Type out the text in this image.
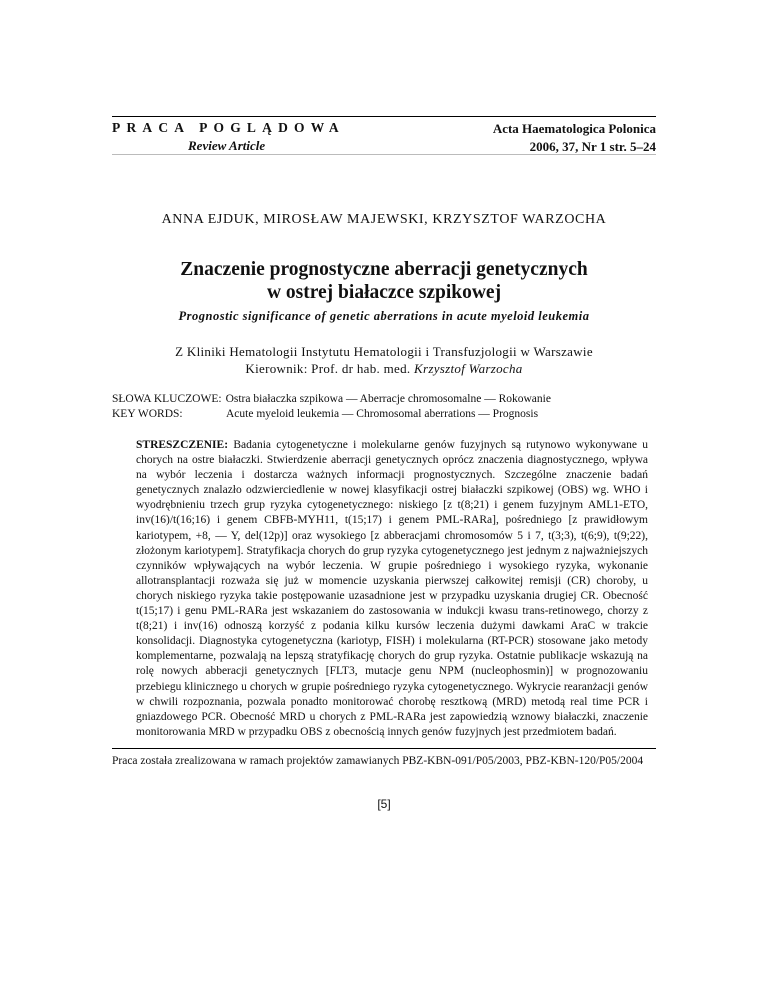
PRACA POGLĄDOWA
Review Article
Acta Haematologica Polonica
2006, 37, Nr 1 str. 5–24
ANNA EJDUK, MIROSŁAW MAJEWSKI, KRZYSZTOF WARZOCHA
Znaczenie prognostyczne aberracji genetycznych
w ostrej białaczce szpikowej
Prognostic significance of genetic aberrations in acute myeloid leukemia
Z Kliniki Hematologii Instytutu Hematologii i Transfuzjologii w Warszawie
Kierownik: Prof. dr hab. med. Krzysztof Warzocha
SŁOWA KLUCZOWE: Ostra białaczka szpikowa — Aberracje chromosomalne — Rokowanie
KEY WORDS:	Acute myeloid leukemia — Chromosomal aberrations — Prognosis
STRESZCZENIE: Badania cytogenetyczne i molekularne genów fuzyjnych są rutynowo wykonywane u chorych na ostre białaczki. Stwierdzenie aberracji genetycznych oprócz znaczenia diagnostycznego, wpływa na wybór leczenia i dostarcza ważnych informacji prognostycznych. Szczególne znaczenie badań genetycznych znalazło odzwierciedlenie w nowej klasyfikacji ostrej białaczki szpikowej (OBS) wg. WHO i wyodrębnieniu trzech grup ryzyka cytogenetycznego: niskiego [z t(8;21) i genem fuzyjnym AML1-ETO, inv(16)/t(16;16) i genem CBFB-MYH11, t(15;17) i genem PML-RARa], pośredniego [z prawidłowym kariotypem, +8, — Y, del(12p)] oraz wysokiego [z abberacjami chromosomów 5 i 7, t(3;3), t(6;9), t(9;22), złożonym kariotypem]. Stratyfikacja chorych do grup ryzyka cytogenetycznego jest jednym z najważniejszych czynników wpływających na wybór leczenia. W grupie pośredniego i wysokiego ryzyka, wykonanie allotransplantacji rozważa się już w momencie uzyskania pierwszej całkowitej remisji (CR) choroby, u chorych niskiego ryzyka takie postępowanie uzasadnione jest w przypadku uzyskania drugiej CR. Obecność t(15;17) i genu PML-RARa jest wskazaniem do zastosowania w indukcji kwasu trans-retinowego, chorzy z t(8;21) i inv(16) odnoszą korzyść z podania kilku kursów leczenia dużymi dawkami AraC w trakcie konsolidacji. Diagnostyka cytogenetyczna (kariotyp, FISH) i molekularna (RT-PCR) stosowane jako metody komplementarne, pozwalają na lepszą stratyfikację chorych do grup ryzyka. Ostatnie publikacje wskazują na rolę nowych abberacji genetycznych [FLT3, mutacje genu NPM (nucleophosmin)] w prognozowaniu przebiegu klinicznego u chorych w grupie pośredniego ryzyka cytogenetycznego. Wykrycie rearanżacji genów w chwili rozpoznania, pozwala ponadto monitorować chorobę resztkową (MRD) metodą real time PCR i gniazdowego PCR. Obecność MRD u chorych z PML-RARa jest zapowiedzią wznowy białaczki, znaczenie monitorowania MRD w przypadku OBS z obecnością innych genów fuzyjnych jest przedmiotem badań.
Praca została zrealizowana w ramach projektów zamawianych PBZ-KBN-091/P05/2003, PBZ-KBN-120/P05/2004
[5]
